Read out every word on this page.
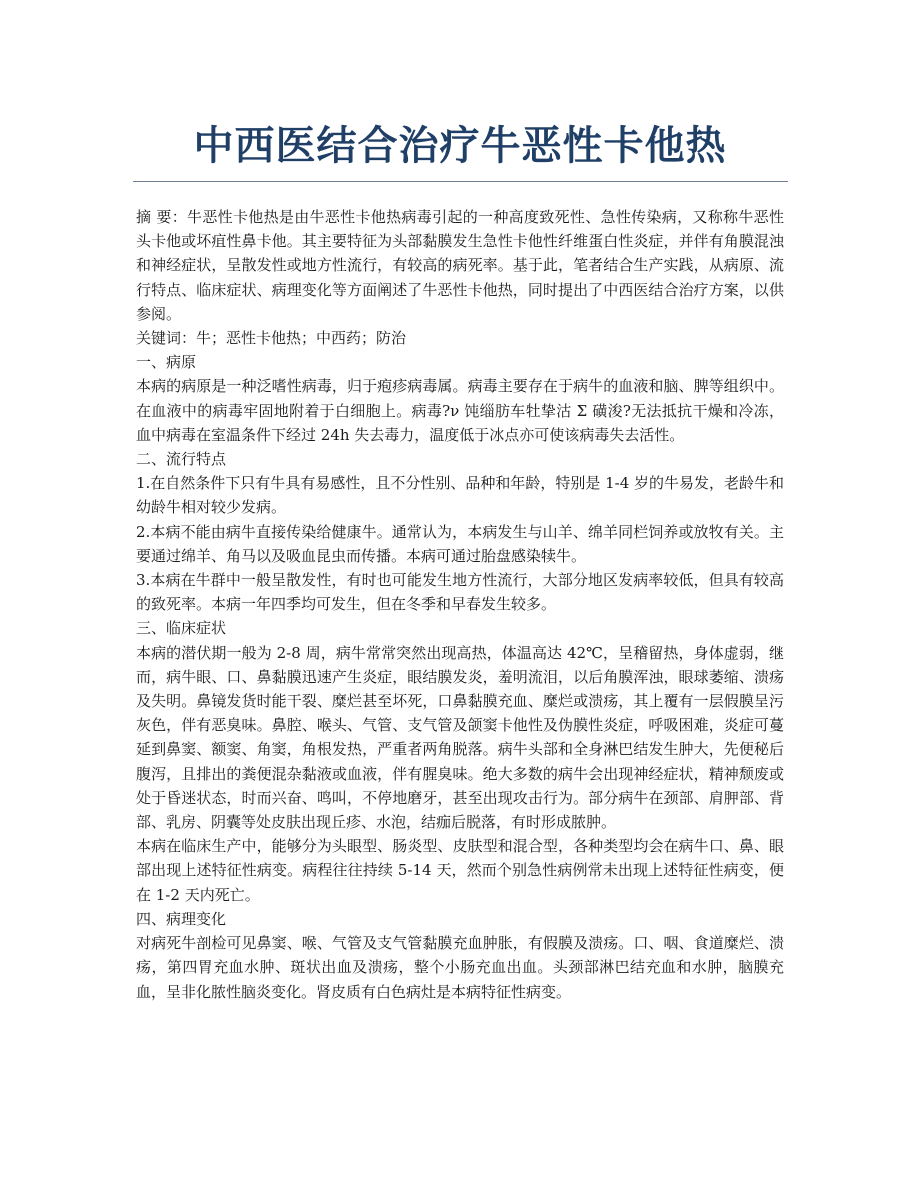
中西医结合治疗牛恶性卡他热

摘 要：牛恶性卡他热是由牛恶性卡他热病毒引起的一种高度致死性、急性传染病，又称称牛恶性头卡他或坏疽性鼻卡他。其主要特征为头部黏膜发生急性卡他性纤维蛋白性炎症，并伴有角膜混浊和神经症状，呈散发性或地方性流行，有较高的病死率。基于此，笔者结合生产实践，从病原、流行特点、临床症状、病理变化等方面阐述了牛恶性卡他热，同时提出了中西医结合治疗方案，以供参阅。

关键词：牛；恶性卡他热；中西药；防治

一、病原

本病的病原是一种泛嗜性病毒，归于疱疹病毒属。病毒主要存在于病牛的血液和脑、脾等组织中。在血液中的病毒牢固地附着于白细胞上。病毒?ν 饨缁肪车牡挚沽 Σ 磺浚?无法抵抗干燥和冷冻，血中病毒在室温条件下经过 24h 失去毒力，温度低于冰点亦可使该病毒失去活性。

二、流行特点

1.在自然条件下只有牛具有易感性，且不分性别、品种和年龄，特别是 1-4 岁的牛易发，老龄牛和幼龄牛相对较少发病。

2.本病不能由病牛直接传染给健康牛。通常认为，本病发生与山羊、绵羊同栏饲养或放牧有关。主要通过绵羊、角马以及吸血昆虫而传播。本病可通过胎盘感染犊牛。

3.本病在牛群中一般呈散发性，有时也可能发生地方性流行，大部分地区发病率较低，但具有较高的致死率。本病一年四季均可发生，但在冬季和早春发生较多。

三、临床症状

本病的潜伏期一般为 2-8 周，病牛常常突然出现高热，体温高达 42℃，呈稽留热，身体虚弱，继而，病牛眼、口、鼻黏膜迅速产生炎症，眼结膜发炎，羞明流泪，以后角膜浑浊，眼球萎缩、溃疡及失明。鼻镜发货时能干裂、糜烂甚至坏死，口鼻黏膜充血、糜烂或溃疡，其上覆有一层假膜呈污灰色，伴有恶臭味。鼻腔、喉头、气管、支气管及颌窦卡他性及伪膜性炎症，呼吸困难，炎症可蔓延到鼻窦、额窦、角窦，角根发热，严重者两角脱落。病牛头部和全身淋巴结发生肿大，先便秘后腹泻，且排出的粪便混杂黏液或血液，伴有腥臭味。绝大多数的病牛会出现神经症状，精神颓废或处于昏迷状态，时而兴奋、鸣叫，不停地磨牙，甚至出现攻击行为。部分病牛在颈部、肩胛部、背部、乳房、阴囊等处皮肤出现丘疹、水泡，结痂后脱落，有时形成脓肿。

本病在临床生产中，能够分为头眼型、肠炎型、皮肤型和混合型，各种类型均会在病牛口、鼻、眼部出现上述特征性病变。病程往往持续 5-14 天，然而个别急性病例常未出现上述特征性病变，便在 1-2 天内死亡。

四、病理变化

对病死牛剖检可见鼻窦、喉、气管及支气管黏膜充血肿胀，有假膜及溃疡。口、咽、食道糜烂、溃疡，第四胃充血水肿、斑状出血及溃疡，整个小肠充血出血。头颈部淋巴结充血和水肿，脑膜充血，呈非化脓性脑炎变化。肾皮质有白色病灶是本病特征性病变。
